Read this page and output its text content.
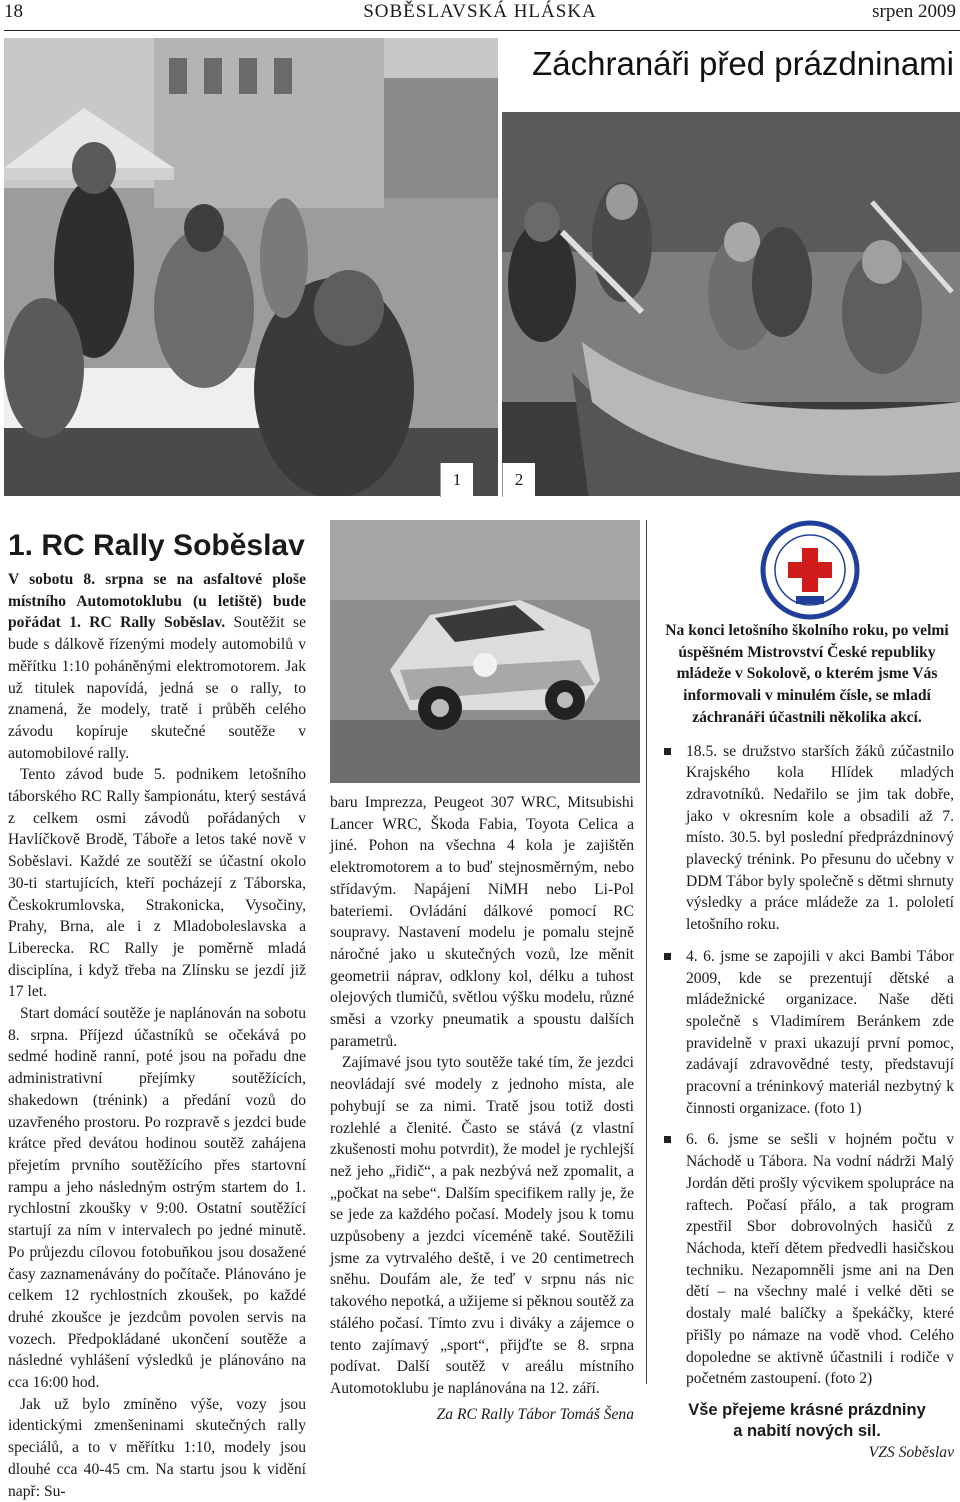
18	SOBĚSLAVSKÁ HLÁSKA	srpen 2009
1	2
Záchranáři před prázdninami
1. RC Rally Soběslav

V sobotu 8. srpna se na asfaltové ploše místního Automotoklubu (u letiště) bude pořádat 1. RC Rally Soběslav. Soutěžit se bude s dálkově řízenými modely automobilů v měřítku 1:10 poháněnými elektromotorem. Jak už titulek napovídá, jedná se o rally, to znamená, že modely, tratě i průběh celého závodu kopíruje skutečné soutěže v automobilové rally.

Tento závod bude 5. podnikem letošního táborského RC Rally šampionátu, který sestává z celkem osmi závodů pořádaných v Havlíčkově Brodě, Táboře a letos také nově v Soběslavi. Každé ze soutěží se účastní okolo 30-ti startujících, kteří pocházejí z Táborska, Českokrumlovska, Strakonicka, Vysočiny, Prahy, Brna, ale i z Mladoboleslavska a Liberecka. RC Rally je poměrně mladá disciplína, i když třeba na Zlínsku se jezdí již 17 let.

Start domácí soutěže je naplánován na sobotu 8. srpna. Příjezd účastníků se očekává po sedmé hodině ranní, poté jsou na pořadu dne administrativní přejímky soutěžících, shakedown (trénink) a předání vozů do uzavřeného prostoru. Po rozpravě s jezdci bude krátce před devátou hodinou soutěž zahájena přejetím prvního soutěžícího přes startovní rampu a jeho následným ostrým startem do 1. rychlostní zkoušky v 9:00. Ostatní soutěžící startují za ním v intervalech po jedné minutě. Po průjezdu cílovou fotobuňkou jsou dosažené časy zaznamenávány do počítače. Plánováno je celkem 12 rychlostních zkoušek, po každé druhé zkoušce je jezdcům povolen servis na vozech. Předpokládané ukončení soutěže a následné vyhlášení výsledků je plánováno na cca 16:00 hod.

Jak už bylo zmíněno výše, vozy jsou identickými zmenšeninami skutečných rally speciálů, a to v měřítku 1:10, modely jsou dlouhé cca 40-45 cm. Na startu jsou k vidění např: Su-

baru Imprezza, Peugeot 307 WRC, Mitsubishi Lancer WRC, Škoda Fabia, Toyota Celica a jiné. Pohon na všechna 4 kola je zajištěn elektromotorem a to buď stejnosměrným, nebo střídavým. Napájení NiMH nebo Li-Pol bateriemi. Ovládání dálkové pomocí RC soupravy. Nastavení modelu je pomalu stejně náročné jako u skutečných vozů, lze měnit geometrii náprav, odklony kol, délku a tuhost olejových tlumičů, světlou výšku modelu, různé směsi a vzorky pneumatik a spoustu dalších parametrů.

Zajímavé jsou tyto soutěže také tím, že jezdci neovládají své modely z jednoho místa, ale pohybují se za nimi. Tratě jsou totiž dosti rozlehlé a členité. Často se stává (z vlastní zkušenosti mohu potvrdit), že model je rychlejší než jeho „řidič“, a pak nezbývá než zpomalit, a „počkat na sebe“. Dalším specifikem rally je, že se jede za každého počasí. Modely jsou k tomu uzpůsobeny a jezdci víceméně také. Soutěžili jsme za vytrvalého deště, i ve 20 centimetrech sněhu. Doufám ale, že teď v srpnu nás nic takového nepotká, a užijeme si pěknou soutěž za stálého počasí. Tímto zvu i diváky a zájemce o tento zajímavý „sport“, přijďte se 8. srpna podívat. Další soutěž v areálu místního Automotoklubu je naplánována na 12. září.

Za RC Rally Tábor Tomáš Šena

Na konci letošního školního roku, po velmi úspěšném Mistrovství České republiky mládeže v Sokolově, o kterém jsme Vás informovali v minulém čísle, se mladí záchranáři účastnili několika akcí.

18.5. se družstvo starších žáků zúčastnilo Krajského kola Hlídek mladých zdravotníků. Nedařilo se jim tak dobře, jako v okresním kole a obsadili až 7. místo. 30.5. byl poslední předprázdninový plavecký trénink. Po přesunu do učebny v DDM Tábor byly společně s dětmi shrnuty výsledky a práce mládeže za 1. pololetí letošního roku.
4. 6. jsme se zapojili v akci Bambi Tábor 2009, kde se prezentují dětské a mládežnické organizace. Naše děti společně s Vladimírem Beránkem zde pravidelně v praxi ukazují první pomoc, zadávají zdravovědné testy, představují pracovní a tréninkový materiál nezbytný k činnosti organizace. (foto 1)
6. 6. jsme se sešli v hojném počtu v Náchodě u Tábora. Na vodní nádrži Malý Jordán děti prošly výcvikem spolupráce na raftech. Počasí přálo, a tak program zpestřil Sbor dobrovolných hasičů z Náchoda, kteří dětem předvedli hasičskou techniku. Nezapomněli jsme ani na Den dětí – na všechny malé i velké děti se dostaly malé balíčky a špekáčky, které přišly po námaze na vodě vhod. Celého dopoledne se aktivně účastnili i rodiče v početném zastoupení. (foto 2)
Vše přejeme krásné prázdniny
a nabití nových sil.
VZS Soběslav
